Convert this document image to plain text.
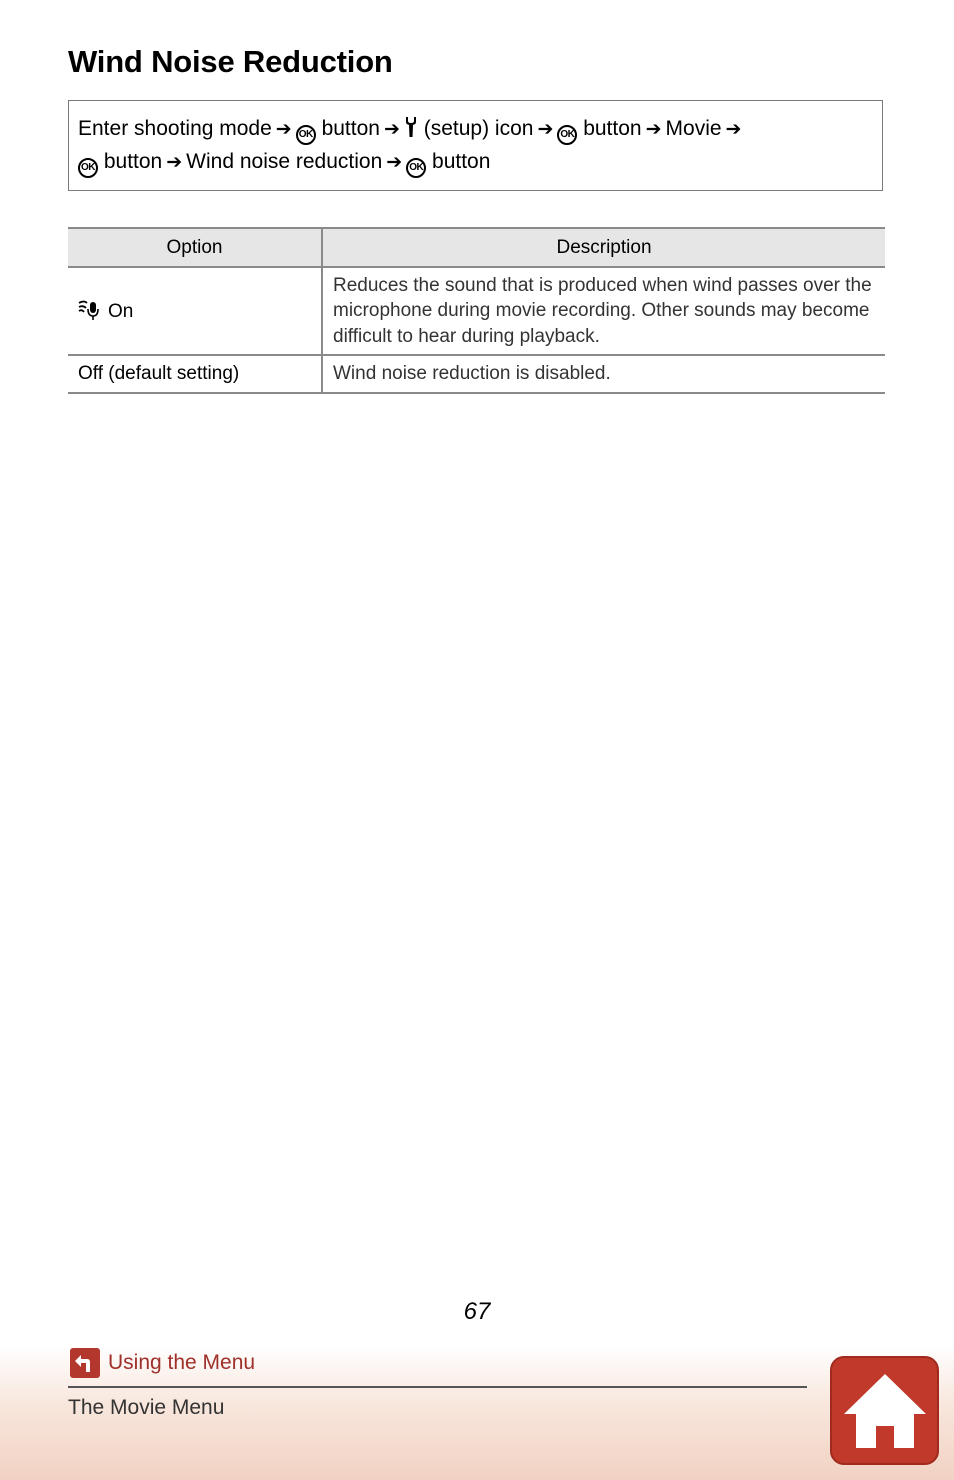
Wind Noise Reduction
Enter shooting mode ➔ OK button ➔ (setup) icon ➔ OK button ➔ Movie ➔
OK button ➔ Wind noise reduction ➔ OK button
Option	Description
On	Reduces the sound that is produced when wind passes over the microphone during movie recording. Other sounds may become difficult to hear during playback.
Off (default setting)	Wind noise reduction is disabled.
67
Using the Menu
The Movie Menu
